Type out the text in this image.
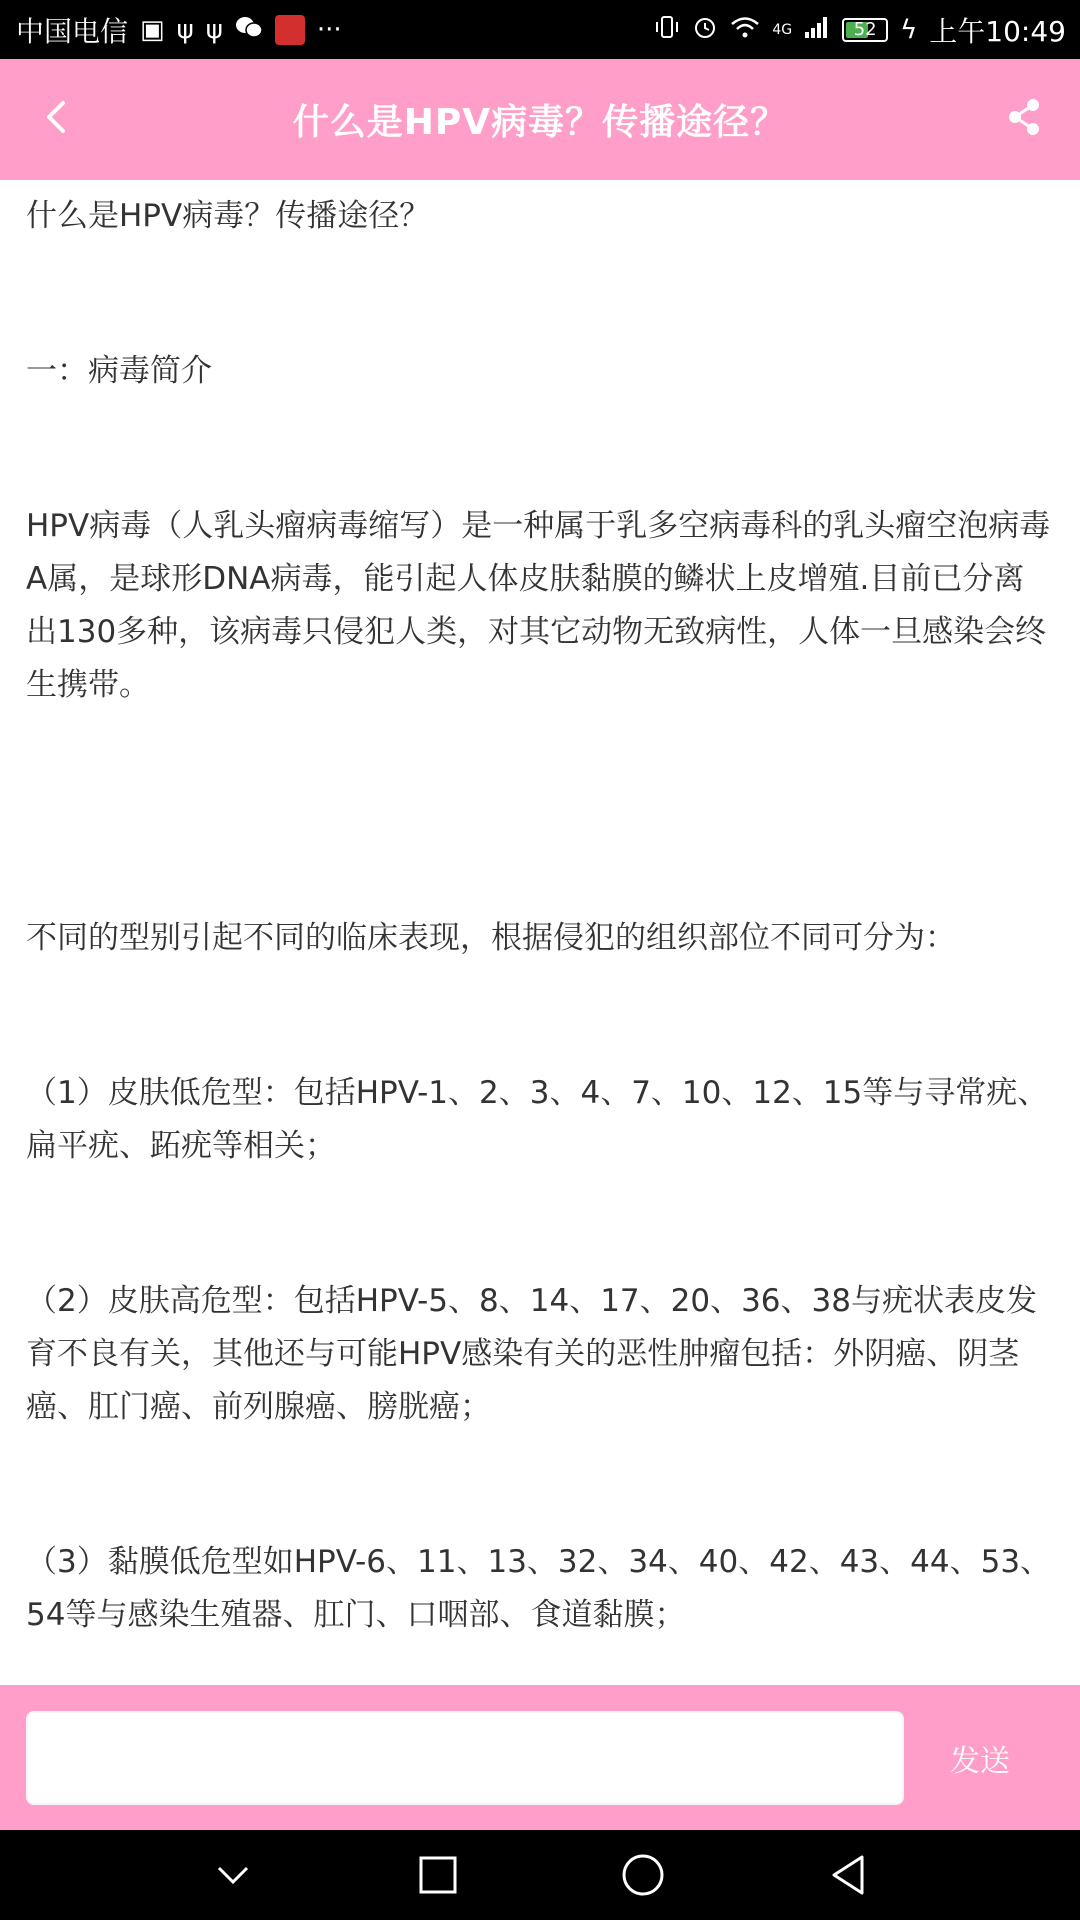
中国电信 ▣ ψ ψ	···	4G	52 ϟ 上午10:49
什么是HPV病毒？传播途径？

什么是HPV病毒？传播途径？

一：病毒简介

HPV病毒（人乳头瘤病毒缩写）是一种属于乳多空病毒科的乳头瘤空泡病毒A属，是球形DNA病毒，能引起人体皮肤黏膜的鳞状上皮增殖.目前已分离出130多种，该病毒只侵犯人类，对其它动物无致病性，人体一旦感染会终生携带。

不同的型别引起不同的临床表现，根据侵犯的组织部位不同可分为：

（1）皮肤低危型：包括HPV-1、2、3、4、7、10、12、15等与寻常疣、扁平疣、跖疣等相关；

（2）皮肤高危型：包括HPV-5、8、14、17、20、36、38与疣状表皮发育不良有关，其他还与可能HPV感染有关的恶性肿瘤包括：外阴癌、阴茎癌、肛门癌、前列腺癌、膀胱癌；

（3）黏膜低危型如HPV-6、11、13、32、34、40、42、43、44、53、54等与感染生殖器、肛门、口咽部、食道黏膜；

发送
